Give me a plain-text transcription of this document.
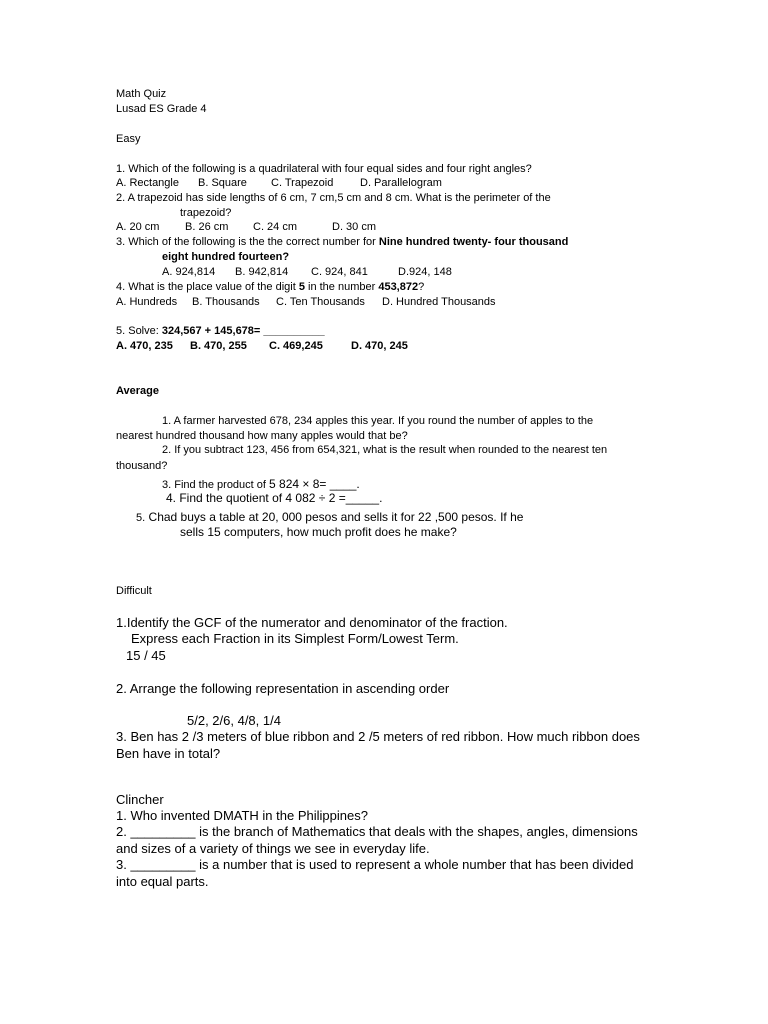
Math Quiz
Lusad ES Grade 4
Easy
1. Which of the following is a quadrilateral with four equal sides and four right angles?
A. Rectangle B. Square C. Trapezoid D. Parallelogram
2. A trapezoid has side lengths of 6 cm, 7 cm,5 cm and 8 cm. What is the perimeter of the
trapezoid?
A. 20 cm B. 26 cm C. 24 cm	D. 30 cm
3. Which of the following is the the correct number for Nine hundred twenty- four thousand
eight hundred fourteen?
A. 924,814 B. 942,814 C. 924, 841	D.924, 148
4. What is the place value of the digit 5 in the number 453,872?
A. Hundreds B. Thousands C. Ten Thousands D. Hundred Thousands
5. Solve: 324,567 + 145,678= __________
A. 470, 235 B. 470, 255 C. 469,245	D. 470, 245
Average
1. A farmer harvested 678, 234 apples this year. If you round the number of apples to the
nearest hundred thousand how many apples would that be?
2. If you subtract 123, 456 from 654,321, what is the result when rounded to the nearest ten
thousand?
3. Find the product of 5 824 × 8= ____.
4. Find the quotient of 4 082 ÷ 2 =_____.
5. Chad buys a table at 20, 000 pesos and sells it for 22 ,500 pesos. If he
sells 15 computers, how much profit does he make?
Difficult
1.Identify the GCF of the numerator and denominator of the fraction.
Express each Fraction in its Simplest Form/Lowest Term.
15 / 45
2. Arrange the following representation in ascending order
5/2, 2/6, 4/8, 1/4
3. Ben has 2 /3 meters of blue ribbon and 2 /5 meters of red ribbon. How much ribbon does
Ben have in total?
Clincher
1. Who invented DMATH in the Philippines?
2. _________ is the branch of Mathematics that deals with the shapes, angles, dimensions
and sizes of a variety of things we see in everyday life.
3. _________ is a number that is used to represent a whole number that has been divided
into equal parts.
